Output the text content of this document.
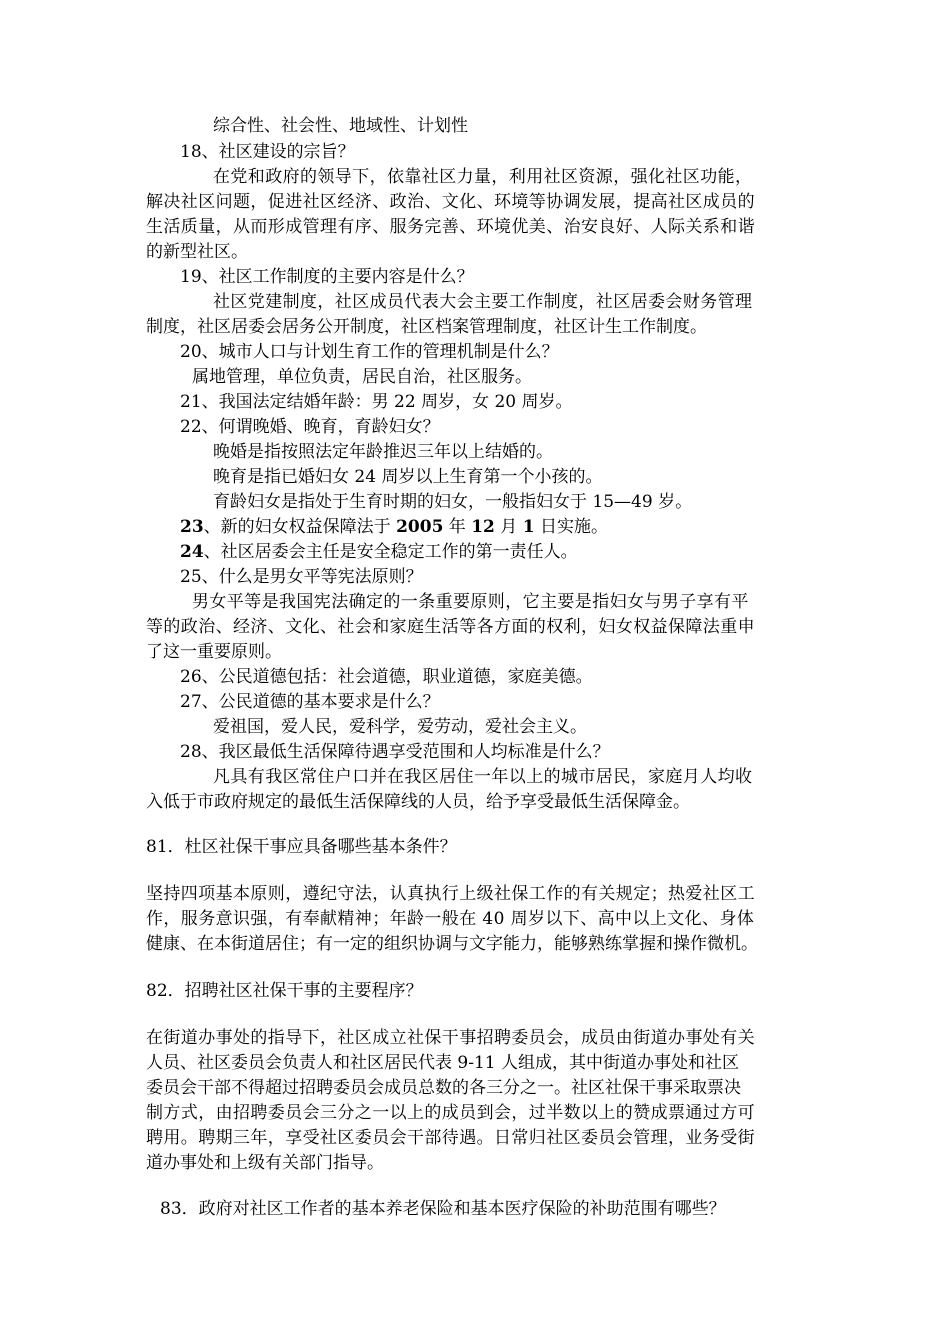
综合性、社会性、地域性、计划性
18、社区建设的宗旨？
在党和政府的领导下，依靠社区力量，利用社区资源，强化社区功能，
解决社区问题，促进社区经济、政治、文化、环境等协调发展，提高社区成员的
生活质量，从而形成管理有序、服务完善、环境优美、治安良好、人际关系和谐
的新型社区。
19、社区工作制度的主要内容是什么？
社区党建制度，社区成员代表大会主要工作制度，社区居委会财务管理
制度，社区居委会居务公开制度，社区档案管理制度，社区计生工作制度。
20、城市人口与计划生育工作的管理机制是什么？
属地管理，单位负责，居民自治，社区服务。
21、我国法定结婚年龄：男 22 周岁，女 20 周岁。
22、何谓晚婚、晚育，育龄妇女？
晚婚是指按照法定年龄推迟三年以上结婚的。
晚育是指已婚妇女 24 周岁以上生育第一个小孩的。
育龄妇女是指处于生育时期的妇女，一般指妇女于 15—49 岁。
23、新的妇女权益保障法于 2005 年 12 月 1 日实施。
24、社区居委会主任是安全稳定工作的第一责任人。
25、什么是男女平等宪法原则？
男女平等是我国宪法确定的一条重要原则，它主要是指妇女与男子享有平
等的政治、经济、文化、社会和家庭生活等各方面的权利，妇女权益保障法重申
了这一重要原则。
26、公民道德包括：社会道德，职业道德，家庭美德。
27、公民道德的基本要求是什么？
爱祖国，爱人民，爱科学，爱劳动，爱社会主义。
28、我区最低生活保障待遇享受范围和人均标准是什么？
凡具有我区常住户口并在我区居住一年以上的城市居民，家庭月人均收
入低于市政府规定的最低生活保障线的人员，给予享受最低生活保障金。
81．杜区社保干事应具备哪些基本条件？
坚持四项基本原则，遵纪守法，认真执行上级社保工作的有关规定；热爱社区工
作，服务意识强，有奉献精神；年龄一般在 40 周岁以下、高中以上文化、身体
健康、在本街道居住；有一定的组织协调与文字能力，能够熟练掌握和操作微机。
82．招聘社区社保干事的主要程序？
在街道办事处的指导下，社区成立社保干事招聘委员会，成员由街道办事处有关
人员、社区委员会负责人和社区居民代表 9-11 人组成，其中街道办事处和社区
委员会干部不得超过招聘委员会成员总数的各三分之一。社区社保干事采取票决
制方式，由招聘委员会三分之一以上的成员到会，过半数以上的赞成票通过方可
聘用。聘期三年，享受社区委员会干部待遇。日常归社区委员会管理，业务受街
道办事处和上级有关部门指导。
83．政府对社区工作者的基本养老保险和基本医疗保险的补助范围有哪些？
